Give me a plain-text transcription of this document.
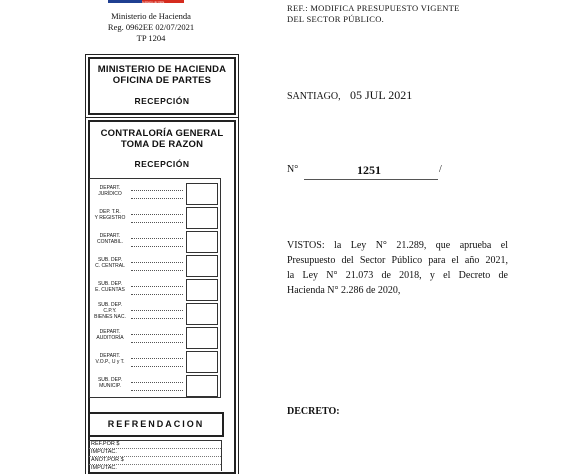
Gobierno de Chile
Ministerio de Hacienda
Reg. 0962EE 02/07/2021
TP 1204
MINISTERIO DE HACIENDA
OFICINA DE PARTES
RECEPCIÓN
CONTRALORÍA GENERAL
TOMA DE RAZON
RECEPCIÓN
DEPART.
JURÍDICO
DEP. T.R.
Y REGISTRO
DEPART.
CONTABIL.
SUB. DEP.
C. CENTRAL
SUB. DEP.
E. CUENTAS
SUB. DEP.
C.P.Y.
BIENES NAC.
DEPART.
AUDITORÍA
DEPART.
V.O.P., U y T.
SUB. DEP.
MUNICIP.
REFRENDACION
REF.POR $
IMPUTAC.
ANOT.POR $
IMPUTAC.
REF.: MODIFICA PRESUPUESTO VIGENTE
DEL SECTOR PÚBLICO.
SANTIAGO, 05 JUL 2021
N°	1251	/
VISTOS: la Ley N° 21.289, que aprueba el
Presupuesto del Sector Público para el año 2021,
la Ley N° 21.073 de 2018, y el Decreto de
Hacienda N° 2.286 de 2020,
DECRETO:
